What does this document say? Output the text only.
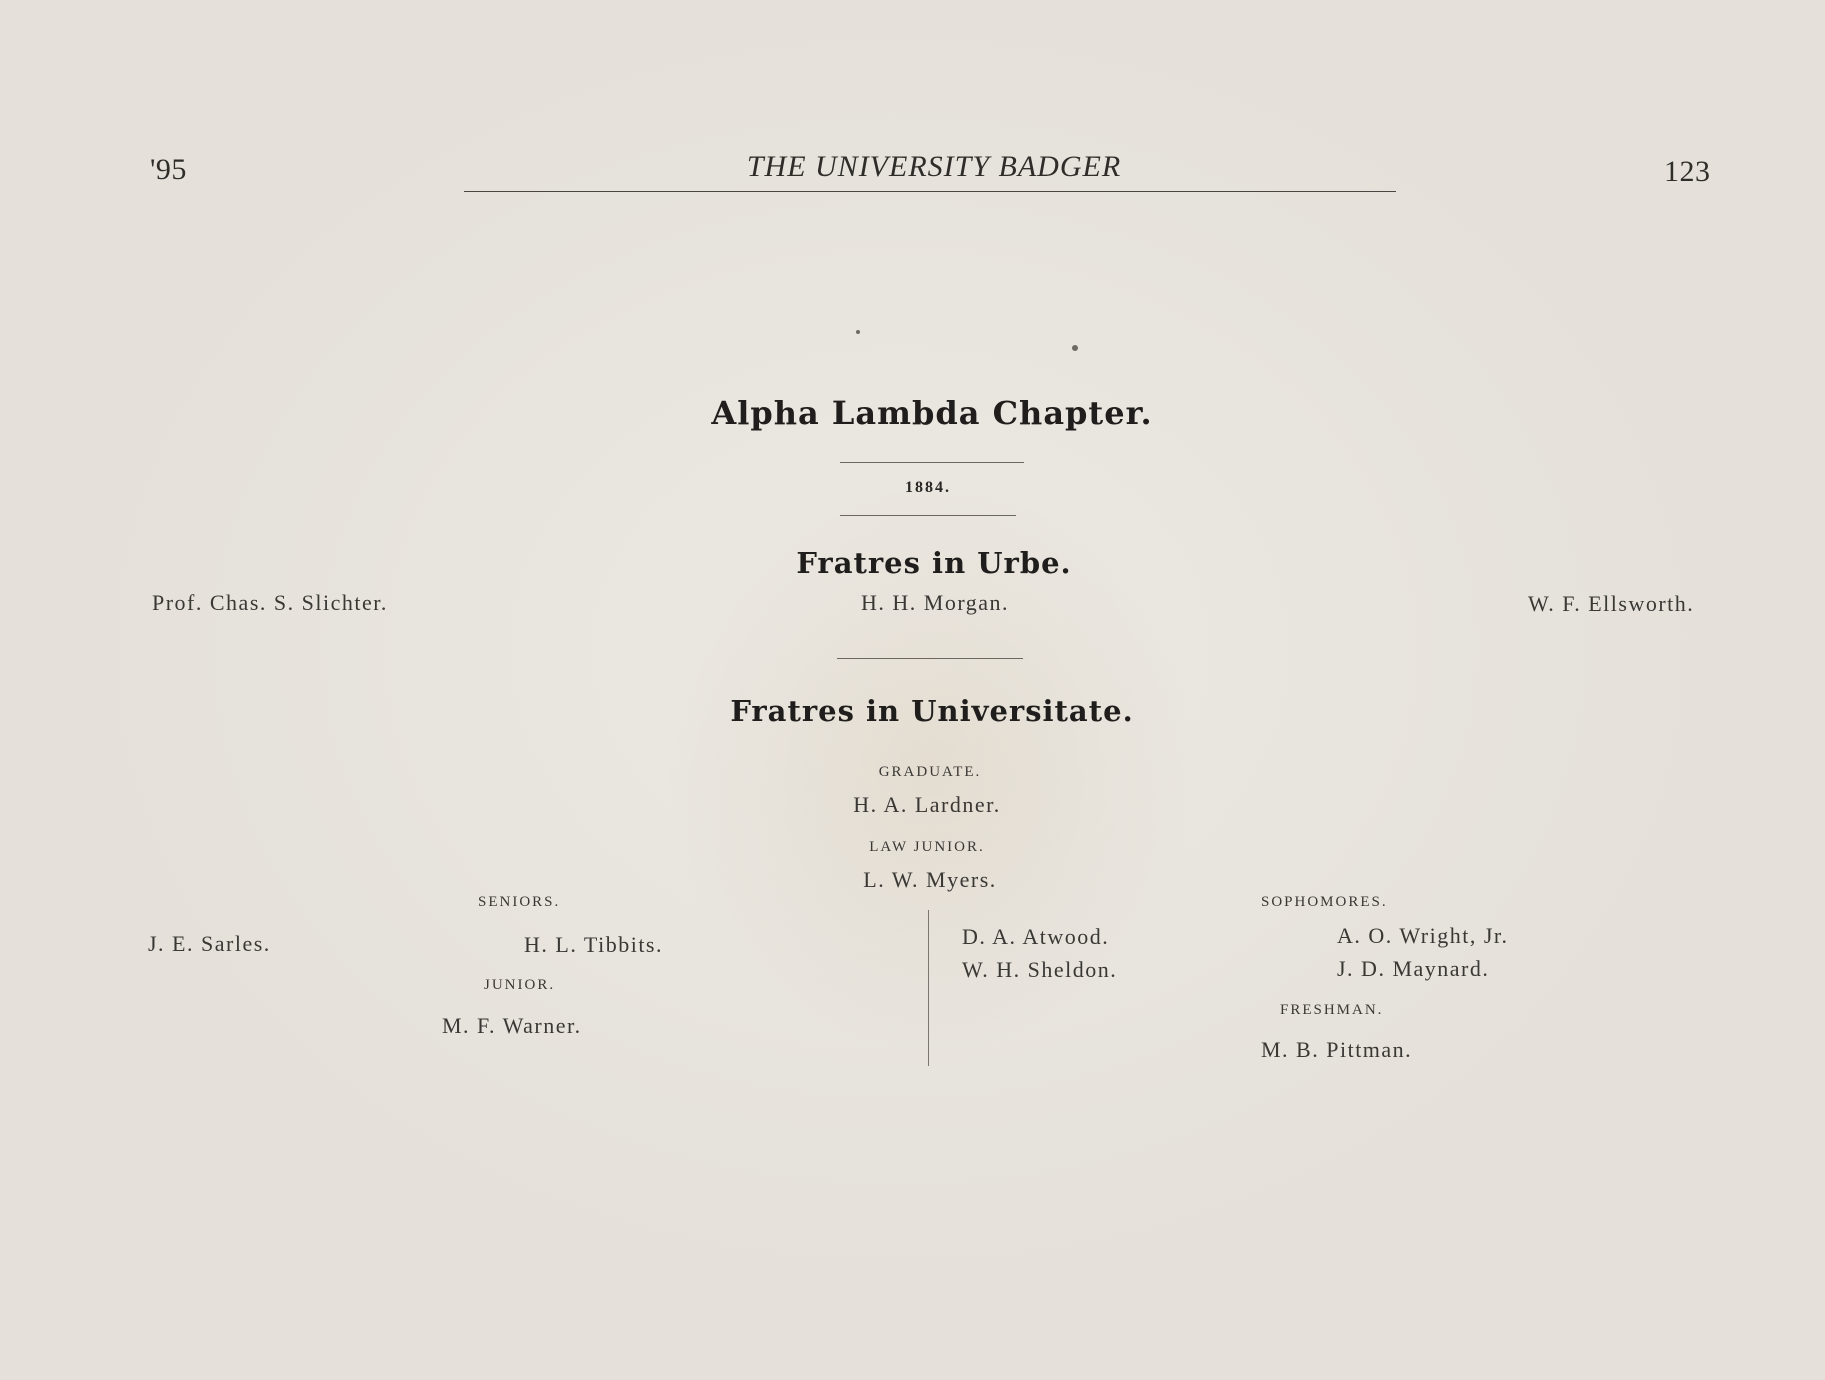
'95	THE UNIVERSITY BADGER	123
Alpha Lambda Chapter.
1884.
Fratres in Urbe.
Prof. Chas. S. Slichter.	H. H. Morgan.	W. F. Ellsworth.
Fratres in Universitate.
GRADUATE.
H. A. Lardner.
LAW JUNIOR.
L. W. Myers.
SENIORS.
J. E. Sarles.	H. L. Tibbits.	D. A. Atwood.
W. H. Sheldon.
JUNIOR.
M. F. Warner.
SOPHOMORES.
A. O. Wright, Jr.
J. D. Maynard.
FRESHMAN.
M. B. Pittman.
